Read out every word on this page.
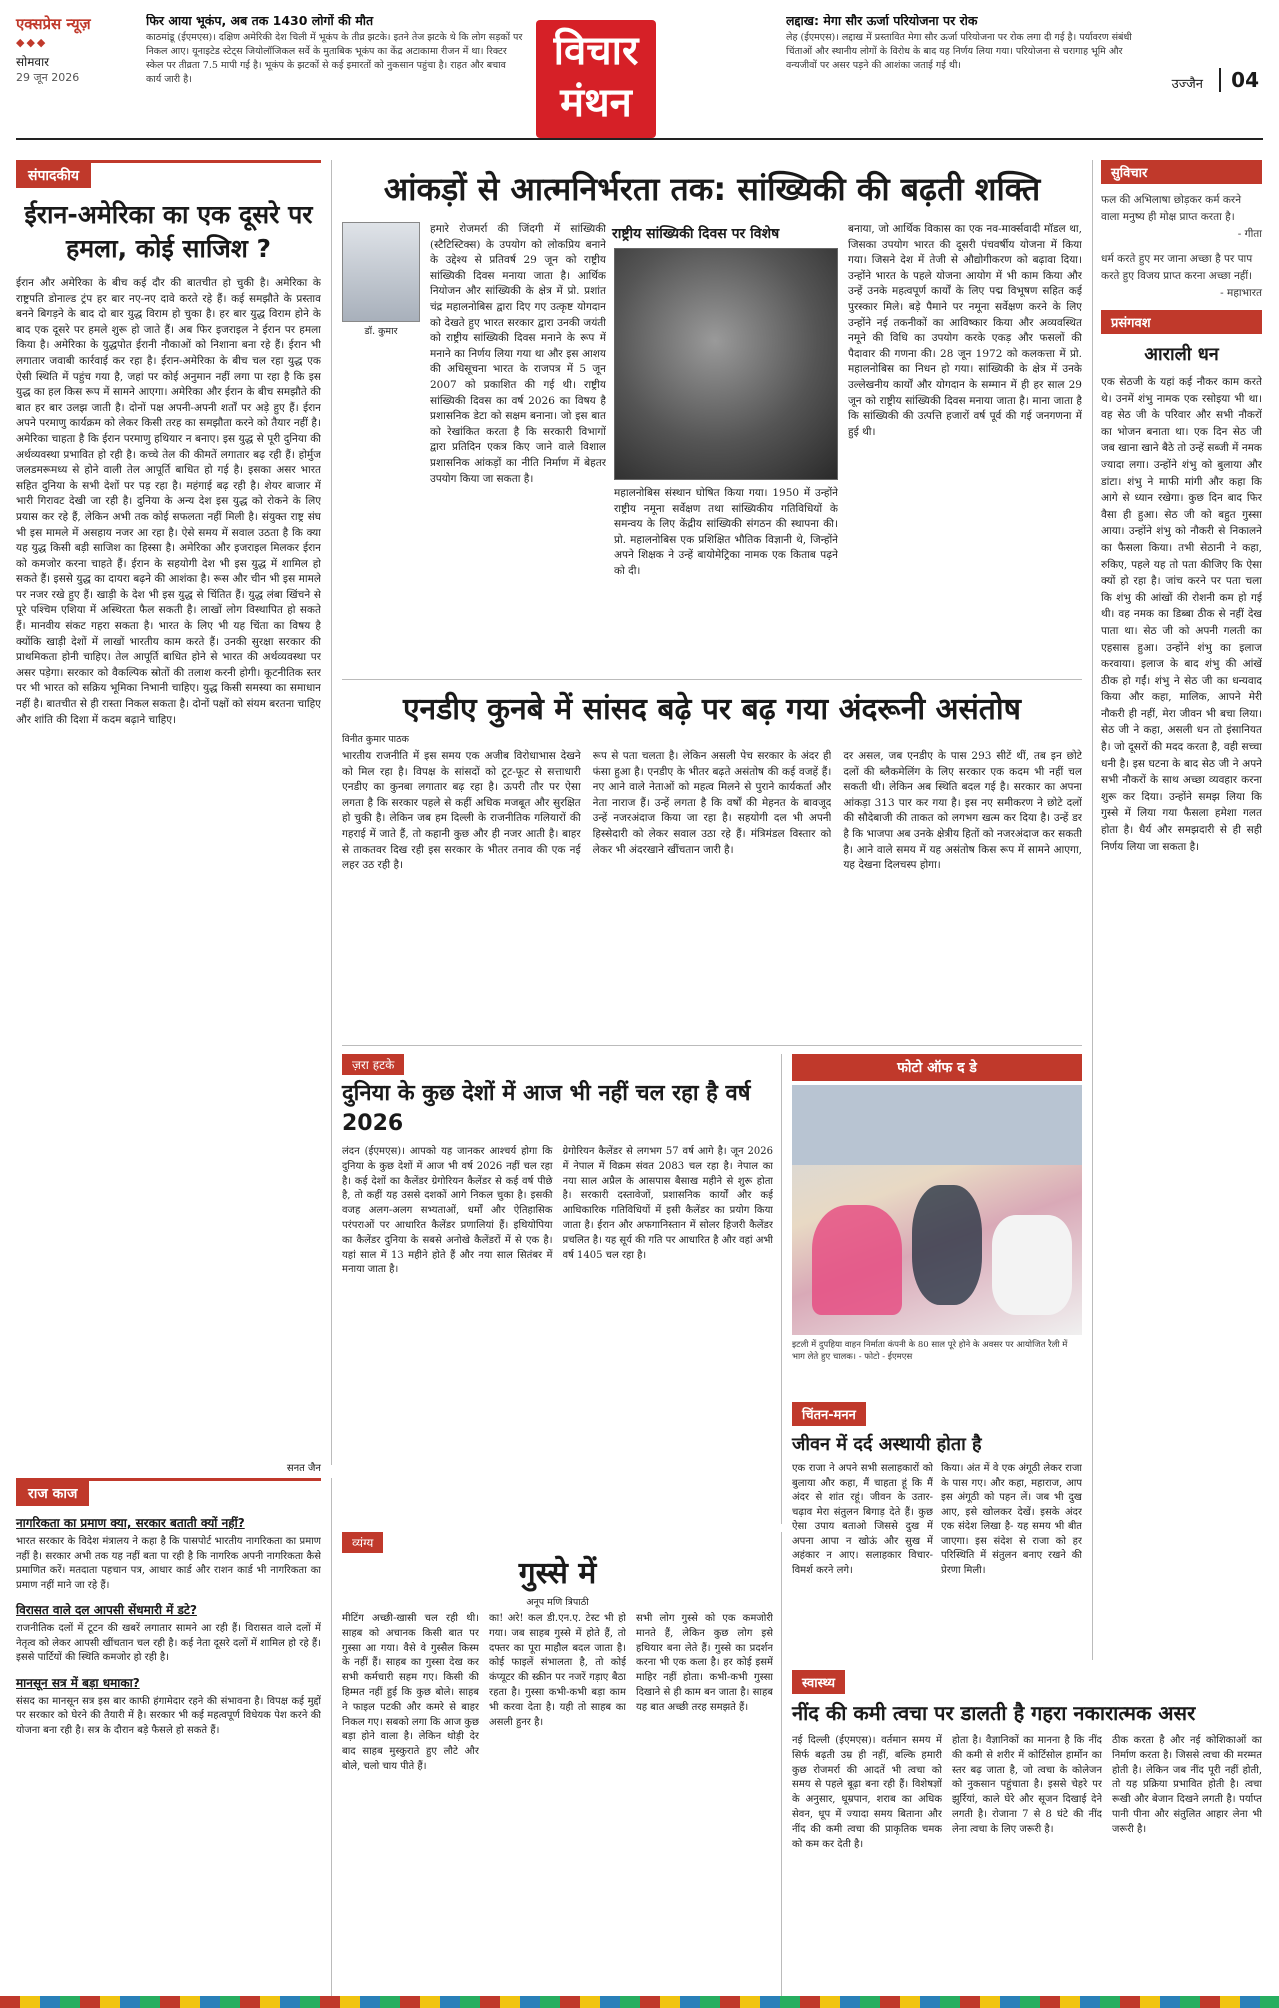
एक्सप्रेस न्यूज़
◆◆◆
सोमवार
29 जून 2026
फिर आया भूकंप, अब तक 1430 लोगों की मौत
काठमांडू (ईएमएस)। दक्षिण अमेरिकी देश चिली में भूकंप के तीव्र झटके। इतने तेज झटके थे कि लोग सड़कों पर निकल आए। यूनाइटेड स्टेट्स जियोलॉजिकल सर्वे के मुताबिक भूकंप का केंद्र अटाकामा रीजन में था। रिक्टर स्केल पर तीव्रता 7.5 मापी गई है। भूकंप के झटकों से कई इमारतों को नुकसान पहुंचा है। राहत और बचाव कार्य जारी है।
विचार
मंथन
लद्दाख: मेगा सौर ऊर्जा परियोजना पर रोक
लेह (ईएमएस)। लद्दाख में प्रस्तावित मेगा सौर ऊर्जा परियोजना पर रोक लगा दी गई है। पर्यावरण संबंधी चिंताओं और स्थानीय लोगों के विरोध के बाद यह निर्णय लिया गया। परियोजना से चरागाह भूमि और वन्यजीवों पर असर पड़ने की आशंका जताई गई थी।
उज्जैन	04
संपादकीय
ईरान-अमेरिका का एक दूसरे पर हमला, कोई साजिश ?
ईरान और अमेरिका के बीच कई दौर की बातचीत हो चुकी है। अमेरिका के राष्ट्रपति डोनाल्ड ट्रंप हर बार नए-नए दावे करते रहे हैं। कई समझौते के प्रस्ताव बनने बिगड़ने के बाद दो बार युद्ध विराम हो चुका है। हर बार युद्ध विराम होने के बाद एक दूसरे पर हमले शुरू हो जाते हैं। अब फिर इजराइल ने ईरान पर हमला किया है। अमेरिका के युद्धपोत ईरानी नौकाओं को निशाना बना रहे हैं। ईरान भी लगातार जवाबी कार्रवाई कर रहा है। ईरान-अमेरिका के बीच चल रहा युद्ध एक ऐसी स्थिति में पहुंच गया है, जहां पर कोई अनुमान नहीं लगा पा रहा है कि इस युद्ध का हल किस रूप में सामने आएगा। अमेरिका और ईरान के बीच समझौते की बात हर बार उलझ जाती है। दोनों पक्ष अपनी-अपनी शर्तों पर अड़े हुए हैं। ईरान अपने परमाणु कार्यक्रम को लेकर किसी तरह का समझौता करने को तैयार नहीं है। अमेरिका चाहता है कि ईरान परमाणु हथियार न बनाए। इस युद्ध से पूरी दुनिया की अर्थव्यवस्था प्रभावित हो रही है। कच्चे तेल की कीमतें लगातार बढ़ रही हैं। होर्मुज जलडमरूमध्य से होने वाली तेल आपूर्ति बाधित हो गई है। इसका असर भारत सहित दुनिया के सभी देशों पर पड़ रहा है। महंगाई बढ़ रही है। शेयर बाजार में भारी गिरावट देखी जा रही है। दुनिया के अन्य देश इस युद्ध को रोकने के लिए प्रयास कर रहे हैं, लेकिन अभी तक कोई सफलता नहीं मिली है। संयुक्त राष्ट्र संघ भी इस मामले में असहाय नजर आ रहा है। ऐसे समय में सवाल उठता है कि क्या यह युद्ध किसी बड़ी साजिश का हिस्सा है। अमेरिका और इजराइल मिलकर ईरान को कमजोर करना चाहते हैं। ईरान के सहयोगी देश भी इस युद्ध में शामिल हो सकते हैं। इससे युद्ध का दायरा बढ़ने की आशंका है। रूस और चीन भी इस मामले पर नजर रखे हुए हैं। खाड़ी के देश भी इस युद्ध से चिंतित हैं। युद्ध लंबा खिंचने से पूरे पश्चिम एशिया में अस्थिरता फैल सकती है। लाखों लोग विस्थापित हो सकते हैं। मानवीय संकट गहरा सकता है। भारत के लिए भी यह चिंता का विषय है क्योंकि खाड़ी देशों में लाखों भारतीय काम करते हैं। उनकी सुरक्षा सरकार की प्राथमिकता होनी चाहिए। तेल आपूर्ति बाधित होने से भारत की अर्थव्यवस्था पर असर पड़ेगा। सरकार को वैकल्पिक स्रोतों की तलाश करनी होगी। कूटनीतिक स्तर पर भी भारत को सक्रिय भूमिका निभानी चाहिए। युद्ध किसी समस्या का समाधान नहीं है। बातचीत से ही रास्ता निकल सकता है। दोनों पक्षों को संयम बरतना चाहिए और शांति की दिशा में कदम बढ़ाने चाहिए।
सनत जैन
राज काज
नागरिकता का प्रमाण क्या, सरकार बताती क्यों नहीं?
भारत सरकार के विदेश मंत्रालय ने कहा है कि पासपोर्ट भारतीय नागरिकता का प्रमाण नहीं है। सरकार अभी तक यह नहीं बता पा रही है कि नागरिक अपनी नागरिकता कैसे प्रमाणित करें। मतदाता पहचान पत्र, आधार कार्ड और राशन कार्ड भी नागरिकता का प्रमाण नहीं माने जा रहे हैं।
विरासत वाले दल आपसी सेंधमारी में डटे?
राजनीतिक दलों में टूटन की खबरें लगातार सामने आ रही हैं। विरासत वाले दलों में नेतृत्व को लेकर आपसी खींचतान चल रही है। कई नेता दूसरे दलों में शामिल हो रहे हैं। इससे पार्टियों की स्थिति कमजोर हो रही है।
मानसून सत्र में बड़ा धमाका?
संसद का मानसून सत्र इस बार काफी हंगामेदार रहने की संभावना है। विपक्ष कई मुद्दों पर सरकार को घेरने की तैयारी में है। सरकार भी कई महत्वपूर्ण विधेयक पेश करने की योजना बना रही है। सत्र के दौरान बड़े फैसले हो सकते हैं।
आंकड़ों से आत्मनिर्भरता तक: सांख्यिकी की बढ़ती शक्ति
राष्ट्रीय सांख्यिकी दिवस पर विशेष
डॉ. कुमार
हमारे रोजमर्रा की जिंदगी में सांख्यिकी (स्टैटिस्टिक्स) के उपयोग को लोकप्रिय बनाने के उद्देश्य से प्रतिवर्ष 29 जून को राष्ट्रीय सांख्यिकी दिवस मनाया जाता है। आर्थिक नियोजन और सांख्यिकी के क्षेत्र में प्रो. प्रशांत चंद्र महालनोबिस द्वारा दिए गए उत्कृष्ट योगदान को देखते हुए भारत सरकार द्वारा उनकी जयंती को राष्ट्रीय सांख्यिकी दिवस मनाने के रूप में मनाने का निर्णय लिया गया था और इस आशय की अधिसूचना भारत के राजपत्र में 5 जून 2007 को प्रकाशित की गई थी। राष्ट्रीय सांख्यिकी दिवस का वर्ष 2026 का विषय है प्रशासनिक डेटा को सक्षम बनाना। जो इस बात को रेखांकित करता है कि सरकारी विभागों द्वारा प्रतिदिन एकत्र किए जाने वाले विशाल प्रशासनिक आंकड़ों का नीति निर्माण में बेहतर उपयोग किया जा सकता है।
महालनोबिस संस्थान घोषित किया गया। 1950 में उन्होंने राष्ट्रीय नमूना सर्वेक्षण तथा सांख्यिकीय गतिविधियों के समन्वय के लिए केंद्रीय सांख्यिकी संगठन की स्थापना की। प्रो. महालनोबिस एक प्रशिक्षित भौतिक विज्ञानी थे, जिन्होंने अपने शिक्षक ने उन्हें बायोमेट्रिका नामक एक किताब पढ़ने को दी।
बनाया, जो आर्थिक विकास का एक नव-मार्क्सवादी मॉडल था, जिसका उपयोग भारत की दूसरी पंचवर्षीय योजना में किया गया। जिसने देश में तेजी से औद्योगीकरण को बढ़ावा दिया। उन्होंने भारत के पहले योजना आयोग में भी काम किया और उन्हें उनके महत्वपूर्ण कार्यों के लिए पद्म विभूषण सहित कई पुरस्कार मिले। बड़े पैमाने पर नमूना सर्वेक्षण करने के लिए उन्होंने नई तकनीकों का आविष्कार किया और अव्यवस्थित नमूने की विधि का उपयोग करके एकड़ और फसलों की पैदावार की गणना की। 28 जून 1972 को कलकत्ता में प्रो. महालनोबिस का निधन हो गया। सांख्यिकी के क्षेत्र में उनके उल्लेखनीय कार्यों और योगदान के सम्मान में ही हर साल 29 जून को राष्ट्रीय सांख्यिकी दिवस मनाया जाता है। माना जाता है कि सांख्यिकी की उत्पत्ति हजारों वर्ष पूर्व की गई जनगणना में हुई थी।
एनडीए कुनबे में सांसद बढ़े पर बढ़ गया अंदरूनी असंतोष
विनीत कुमार पाठक
भारतीय राजनीति में इस समय एक अजीब विरोधाभास देखने को मिल रहा है। विपक्ष के सांसदों को टूट-फूट से सत्ताधारी एनडीए का कुनबा लगातार बढ़ रहा है। ऊपरी तौर पर ऐसा लगता है कि सरकार पहले से कहीं अधिक मजबूत और सुरक्षित हो चुकी है। लेकिन जब हम दिल्ली के राजनीतिक गलियारों की गहराई में जाते हैं, तो कहानी कुछ और ही नजर आती है। बाहर से ताकतवर दिख रही इस सरकार के भीतर तनाव की एक नई लहर उठ रही है।
रूप से पता चलता है। लेकिन असली पेच सरकार के अंदर ही फंसा हुआ है। एनडीए के भीतर बढ़ते असंतोष की कई वजहें हैं। नए आने वाले नेताओं को महत्व मिलने से पुराने कार्यकर्ता और नेता नाराज हैं। उन्हें लगता है कि वर्षों की मेहनत के बावजूद उन्हें नजरअंदाज किया जा रहा है। सहयोगी दल भी अपनी हिस्सेदारी को लेकर सवाल उठा रहे हैं। मंत्रिमंडल विस्तार को लेकर भी अंदरखाने खींचतान जारी है।
दर असल, जब एनडीए के पास 293 सीटें थीं, तब इन छोटे दलों की ब्लैकमेलिंग के लिए सरकार एक कदम भी नहीं चल सकती थी। लेकिन अब स्थिति बदल गई है। सरकार का अपना आंकड़ा 313 पार कर गया है। इस नए समीकरण ने छोटे दलों की सौदेबाजी की ताकत को लगभग खत्म कर दिया है। उन्हें डर है कि भाजपा अब उनके क्षेत्रीय हितों को नजरअंदाज कर सकती है। आने वाले समय में यह असंतोष किस रूप में सामने आएगा, यह देखना दिलचस्प होगा।
ज़रा हटके
दुनिया के कुछ देशों में आज भी नहीं चल रहा है वर्ष 2026
लंदन (ईएमएस)। आपको यह जानकर आश्चर्य होगा कि दुनिया के कुछ देशों में आज भी वर्ष 2026 नहीं चल रहा है। कई देशों का कैलेंडर ग्रेगोरियन कैलेंडर से कई वर्ष पीछे है, तो कहीं यह उससे दशकों आगे निकल चुका है। इसकी वजह अलग-अलग सभ्यताओं, धर्मों और ऐतिहासिक परंपराओं पर आधारित कैलेंडर प्रणालियां हैं। इथियोपिया का कैलेंडर दुनिया के सबसे अनोखे कैलेंडरों में से एक है। यहां साल में 13 महीने होते हैं और नया साल सितंबर में मनाया जाता है।
ग्रेगोरियन कैलेंडर से लगभग 57 वर्ष आगे है। जून 2026 में नेपाल में विक्रम संवत 2083 चल रहा है। नेपाल का नया साल अप्रैल के आसपास बैसाख महीने से शुरू होता है। सरकारी दस्तावेजों, प्रशासनिक कार्यों और कई आधिकारिक गतिविधियों में इसी कैलेंडर का प्रयोग किया जाता है। ईरान और अफगानिस्तान में सोलर हिजरी कैलेंडर प्रचलित है। यह सूर्य की गति पर आधारित है और वहां अभी वर्ष 1405 चल रहा है।
फोटो ऑफ द डे
इटली में दुपहिया वाहन निर्माता कंपनी के 80 साल पूरे होने के अवसर पर आयोजित रैली में भाग लेते हुए चालक। - फोटो - ईएमएस
चिंतन-मनन
जीवन में दर्द अस्थायी होता है
एक राजा ने अपने सभी सलाहकारों को बुलाया और कहा, मैं चाहता हूं कि मैं अंदर से शांत रहूं। जीवन के उतार-चढ़ाव मेरा संतुलन बिगाड़ देते हैं। कुछ ऐसा उपाय बताओ जिससे दुख में अपना आपा न खोऊं और सुख में अहंकार न आए। सलाहकार विचार-विमर्श करने लगे।
किया। अंत में वे एक अंगूठी लेकर राजा के पास गए। और कहा, महाराज, आप इस अंगूठी को पहन लें। जब भी दुख आए, इसे खोलकर देखें। इसके अंदर एक संदेश लिखा है- यह समय भी बीत जाएगा। इस संदेश से राजा को हर परिस्थिति में संतुलन बनाए रखने की प्रेरणा मिली।
व्यंग्य
गुस्से में
अनूप मणि त्रिपाठी
मीटिंग अच्छी-खासी चल रही थी। साहब को अचानक किसी बात पर गुस्सा आ गया। वैसे वे गुस्सैल किस्म के नहीं हैं। साहब का गुस्सा देख कर सभी कर्मचारी सहम गए। किसी की हिम्मत नहीं हुई कि कुछ बोले। साहब ने फाइल पटकी और कमरे से बाहर निकल गए। सबको लगा कि आज कुछ बड़ा होने वाला है। लेकिन थोड़ी देर बाद साहब मुस्कुराते हुए लौटे और बोले, चलो चाय पीते हैं।
का! अरे! कल डी.एन.ए. टेस्ट भी हो गया। जब साहब गुस्से में होते हैं, तो दफ्तर का पूरा माहौल बदल जाता है। कोई फाइलें संभालता है, तो कोई कंप्यूटर की स्क्रीन पर नजरें गड़ाए बैठा रहता है। गुस्सा कभी-कभी बड़ा काम भी करवा देता है। यही तो साहब का असली हुनर है।
सभी लोग गुस्से को एक कमजोरी मानते हैं, लेकिन कुछ लोग इसे हथियार बना लेते हैं। गुस्से का प्रदर्शन करना भी एक कला है। हर कोई इसमें माहिर नहीं होता। कभी-कभी गुस्सा दिखाने से ही काम बन जाता है। साहब यह बात अच्छी तरह समझते हैं।
स्वास्थ्य
नींद की कमी त्वचा पर डालती है गहरा नकारात्मक असर
नई दिल्ली (ईएमएस)। वर्तमान समय में सिर्फ बढ़ती उम्र ही नहीं, बल्कि हमारी कुछ रोजमर्रा की आदतें भी त्वचा को समय से पहले बूढ़ा बना रही हैं। विशेषज्ञों के अनुसार, धूम्रपान, शराब का अधिक सेवन, धूप में ज्यादा समय बिताना और नींद की कमी त्वचा की प्राकृतिक चमक को कम कर देती है।
होता है। वैज्ञानिकों का मानना है कि नींद की कमी से शरीर में कोर्टिसोल हार्मोन का स्तर बढ़ जाता है, जो त्वचा के कोलेजन को नुकसान पहुंचाता है। इससे चेहरे पर झुर्रियां, काले घेरे और सूजन दिखाई देने लगती है। रोजाना 7 से 8 घंटे की नींद लेना त्वचा के लिए जरूरी है।
ठीक करता है और नई कोशिकाओं का निर्माण करता है। जिससे त्वचा की मरम्मत होती है। लेकिन जब नींद पूरी नहीं होती, तो यह प्रक्रिया प्रभावित होती है। त्वचा रूखी और बेजान दिखने लगती है। पर्याप्त पानी पीना और संतुलित आहार लेना भी जरूरी है।
सुविचार
फल की अभिलाषा छोड़कर कर्म करने वाला मनुष्य ही मोक्ष प्राप्त करता है।
- गीता
धर्म करते हुए मर जाना अच्छा है पर पाप करते हुए विजय प्राप्त करना अच्छा नहीं।
- महाभारत
प्रसंगवश
आराली धन
एक सेठजी के यहां कई नौकर काम करते थे। उनमें शंभु नामक एक रसोइया भी था। वह सेठ जी के परिवार और सभी नौकरों का भोजन बनाता था। एक दिन सेठ जी जब खाना खाने बैठे तो उन्हें सब्जी में नमक ज्यादा लगा। उन्होंने शंभु को बुलाया और डांटा। शंभु ने माफी मांगी और कहा कि आगे से ध्यान रखेगा। कुछ दिन बाद फिर वैसा ही हुआ। सेठ जी को बहुत गुस्सा आया। उन्होंने शंभु को नौकरी से निकालने का फैसला किया। तभी सेठानी ने कहा, रुकिए, पहले यह तो पता कीजिए कि ऐसा क्यों हो रहा है। जांच करने पर पता चला कि शंभु की आंखों की रोशनी कम हो गई थी। वह नमक का डिब्बा ठीक से नहीं देख पाता था। सेठ जी को अपनी गलती का एहसास हुआ। उन्होंने शंभु का इलाज करवाया। इलाज के बाद शंभु की आंखें ठीक हो गईं। शंभु ने सेठ जी का धन्यवाद किया और कहा, मालिक, आपने मेरी नौकरी ही नहीं, मेरा जीवन भी बचा लिया। सेठ जी ने कहा, असली धन तो इंसानियत है। जो दूसरों की मदद करता है, वही सच्चा धनी है। इस घटना के बाद सेठ जी ने अपने सभी नौकरों के साथ अच्छा व्यवहार करना शुरू कर दिया। उन्होंने समझ लिया कि गुस्से में लिया गया फैसला हमेशा गलत होता है। धैर्य और समझदारी से ही सही निर्णय लिया जा सकता है।
